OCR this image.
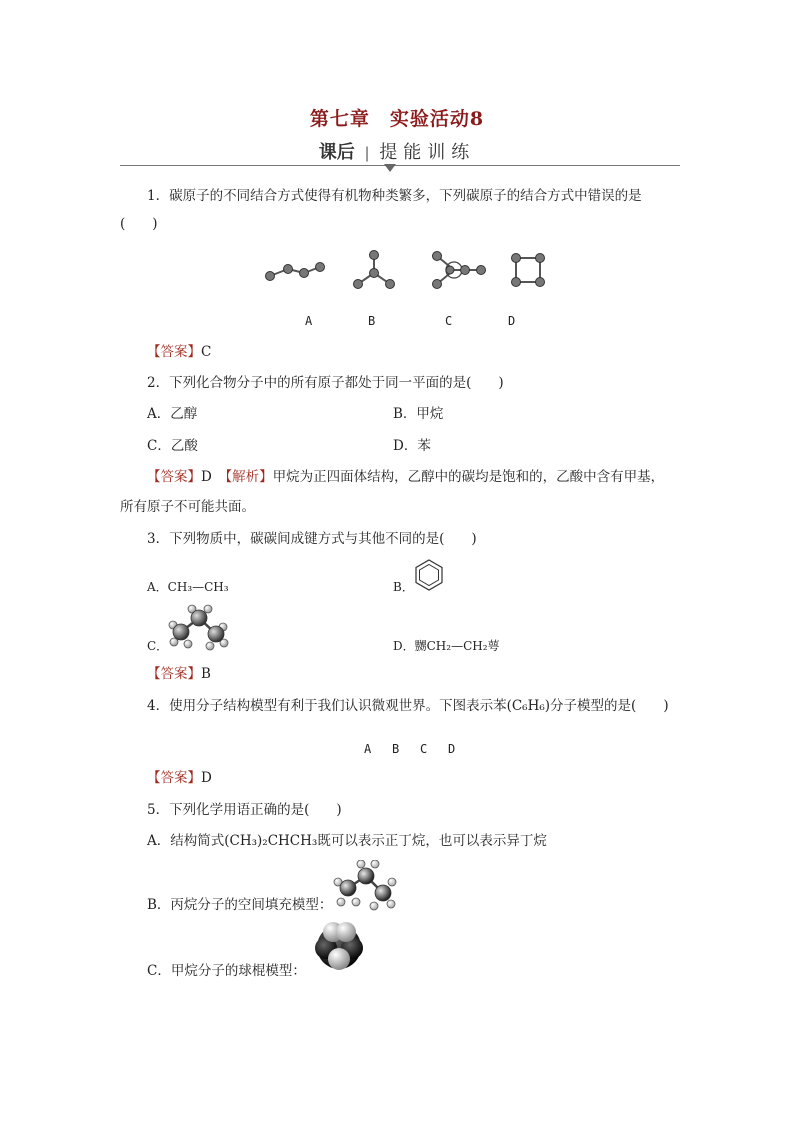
第七章　实验活动8
课后 | 提能训练
1．碳原子的不同结合方式使得有机物种类繁多，下列碳原子的结合方式中错误的是
(　　)
A	B	C	D
【答案】C
2．下列化合物分子中的所有原子都处于同一平面的是(　　)
A．乙醇	B．甲烷
C．乙酸	D．苯
【答案】D　 【解析】甲烷为正四面体结构，乙醇中的碳均是饱和的，乙酸中含有甲基，
所有原子不可能共面。
3．下列物质中，碳碳间成键方式与其他不同的是(　　)
A．CH₃—CH₃	B．
C．	D．嬲CH₂—CH₂萼
【答案】B
4．使用分子结构模型有利于我们认识微观世界。下图表示苯(C₆H₆)分子模型的是(　　)
A B C D
【答案】D
5．下列化学用语正确的是(　　)
A．结构简式(CH₃)₂CHCH₃既可以表示正丁烷，也可以表示异丁烷
B．丙烷分子的空间填充模型：
C．甲烷分子的球棍模型：
